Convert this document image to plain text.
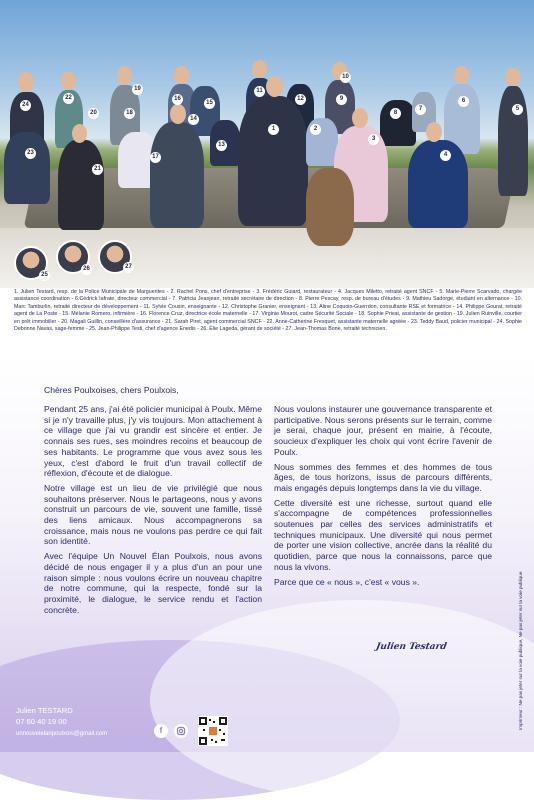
24
22
20
19
18
16
15
11
12
10
9
8
7
6
5
23
21
17
13
14
1	2
3
4
25
26	27
1. Julien Testard, resp. de la Police Municipale de Marguerites - 2. Rachel Pons, chef d'entreprise - 3. Frédéric Guiard, restaurateur - 4. Jacques Miletto, retraité agent SNCF - 5. Marie-Pierre Scarvado, chargée assistance coordination - 6.Cédrick Iafrate, directeur commercial - 7. Patricia Jeanjean, retraité secrétaire de direction - 8. Pierre Pescay, resp. de bureau d'études - 9. Mathieu Sadorge, étudiant en alternance - 10. Marc Tamburlin, retraité directeur de développement - 11. Sylvie Cousin, enseignante - 12. Christophe Granier, enseignant - 13. Aline Coquoin-Guerrdon, consultante RSE et formatrice - 14. Philippe Gourat, retraité agent de La Poste - 15. Mélanie Romero, infirmière - 16. Florence Cruz, directrice école maternelle - 17. Virginie Mourot, cadre Sécurité Sociale - 18. Sophie Privat, assistante de gestion - 19. Julien Ruinville, courtier en prêt immobilier - 20. Magali Guillin, conseillère d'assurance - 21. Sarah Piret, agent commercial SNCF - 22. Anne-Catherine Fresquet, assistante maternelle agréée - 23. Teddy Baud, policier municipal - 24. Sophie Debonne Navas, sage-femme - 25. Jean-Philippe Testi, chef d'agence Enedis - 26. Élie Lageda, gérant de société - 27. Jean-Thomas Bone, retraité technicien.
Chères Poulxoises, chers Poulxois,

Pendant 25 ans, j'ai été policier municipal à Poulx. Même si je n'y travaille plus, j'y vis toujours. Mon attachement à ce village que j'ai vu grandir est sincère et entier. Je connais ses rues, ses moindres recoins et beaucoup de ses habitants. Le programme que vous avez sous les yeux, c'est d'abord le fruit d'un travail collectif de réflexion, d'écoute et de dialogue.

Notre village est un lieu de vie privilégié que nous souhaitons préserver. Nous le partageons, nous y avons construit un parcours de vie, souvent une famille, tissé des liens amicaux. Nous accompagnerons sa croissance, mais nous ne voulons pas perdre ce qui fait son identité.

Avec l'équipe Un Nouvel Élan Poulxois, nous avons décidé de nous engager il y a plus d'un an pour une raison simple : nous voulons écrire un nouveau chapitre de notre commune, qui la respecte, fondé sur la proximité, le dialogue, le service rendu et l'action concrète.

Nous voulons instaurer une gouvernance transparente et participative. Nous serons présents sur le terrain, comme je serai, chaque jour, présent en mairie, à l'écoute, soucieux d'expliquer les choix qui vont écrire l'avenir de Poulx.

Nous sommes des femmes et des hommes de tous âges, de tous horizons, issus de parcours différents, mais engagés depuis longtemps dans la vie du village.

Cette diversité est une richesse, surtout quand elle s'accompagne de compétences professionnelles soutenues par celles des services administratifs et techniques municipaux. Une diversité qui nous permet de porter une vision collective, ancrée dans la réalité du quotidien, parce que nous la connaissons, parce que nous la vivons.

Parce que ce « nous », c'est « vous ».

Julien Testard	Imprimeur : Ne pas jeter sur la voie publique, Ne pas jeter sur la voie publique.
Julien TESTARD
07 60 40 19 00
unnouvelelanpoulxois@gmail.com	f
